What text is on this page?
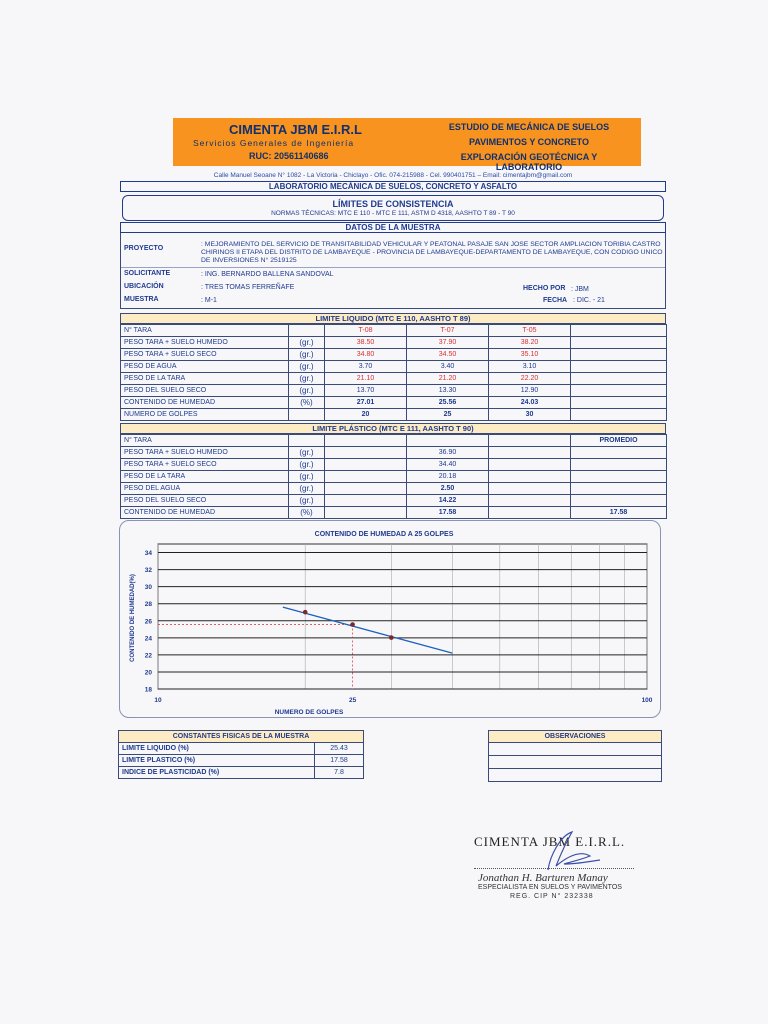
CIMENTA JBM E.I.R.L
Servicios Generales de Ingeniería
RUC: 20561140686
ESTUDIO DE MECÁNICA DE SUELOS
PAVIMENTOS Y CONCRETO
EXPLORACIÓN GEOTÉCNICA Y LABORATORIO
Calle Manuel Seoane N° 1082 - La Victoria - Chiclayo - Ofic. 074-215988 - Cel. 990401751 – Email: cimentajbm@gmail.com
LABORATORIO MECÁNICA DE SUELOS, CONCRETO Y ASFALTO
LÍMITES DE CONSISTENCIA
NORMAS TÉCNICAS: MTC E 110 - MTC E 111, ASTM D 4318, AASHTO T 89 - T 90
DATOS DE LA MUESTRA
PROYECTO
: MEJORAMIENTO DEL SERVICIO DE TRANSITABILIDAD VEHICULAR Y PEATONAL PASAJE SAN JOSE SECTOR AMPLIACION TORIBIA CASTRO CHIRINOS II ETAPA DEL DISTRITO DE LAMBAYEQUE - PROVINCIA DE LAMBAYEQUE-DEPARTAMENTO DE LAMBAYEQUE, CON CODIGO UNICO DE INVERSIONES N° 2519125
SOLICITANTE	: ING. BERNARDO BALLENA SANDOVAL
UBICACIÓN	: TRES TOMAS FERREÑAFE
MUESTRA	: M-1
HECHO POR : JBM
FECHA : DIC. - 21
LIMITE LIQUIDO (MTC E 110, AASHTO T 89)
N° TARA		T-08	T-07	T-05	
PESO TARA + SUELO HUMEDO	(gr.)	38.50	37.90	38.20	
PESO TARA + SUELO SECO	(gr.)	34.80	34.50	35.10	
PESO DE AGUA	(gr.)	3.70	3.40	3.10	
PESO DE LA TARA	(gr.)	21.10	21.20	22.20	
PESO DEL SUELO SECO	(gr.)	13.70	13.30	12.90	
CONTENIDO DE HUMEDAD	(%)	27.01	25.56	24.03	
NUMERO DE GOLPES		20	25	30	
LIMITE PLÁSTICO (MTC E 111, AASHTO T 90)
N° TARA					PROMEDIO
PESO TARA + SUELO HUMEDO	(gr.)		36.90		
PESO TARA + SUELO SECO	(gr.)		34.40		
PESO DE LA TARA	(gr.)		20.18		
PESO DEL AGUA	(gr.)		2.50		
PESO DEL SUELO SECO	(gr.)		14.22		
CONTENIDO DE HUMEDAD	(%)		17.58		17.58
CONTENIDO DE HUMEDAD A 25 GOLPES
NUMERO DE GOLPES
CONTENIDO DE HUMEDAD(%)
18
20
22
24
26
28
30
32
34
10	25	100
CONSTANTES FISICAS DE LA MUESTRA	
LIMITE LIQUIDO (%)	25.43
LIMITE PLASTICO (%)	17.58
INDICE DE PLASTICIDAD (%)	7.8
OBSERVACIONES

CIMENTA JBM E.I.R.L.
Jonathan H. Barturen Manay
ESPECIALISTA EN SUELOS Y PAVIMENTOS
REG. CIP N° 232338
